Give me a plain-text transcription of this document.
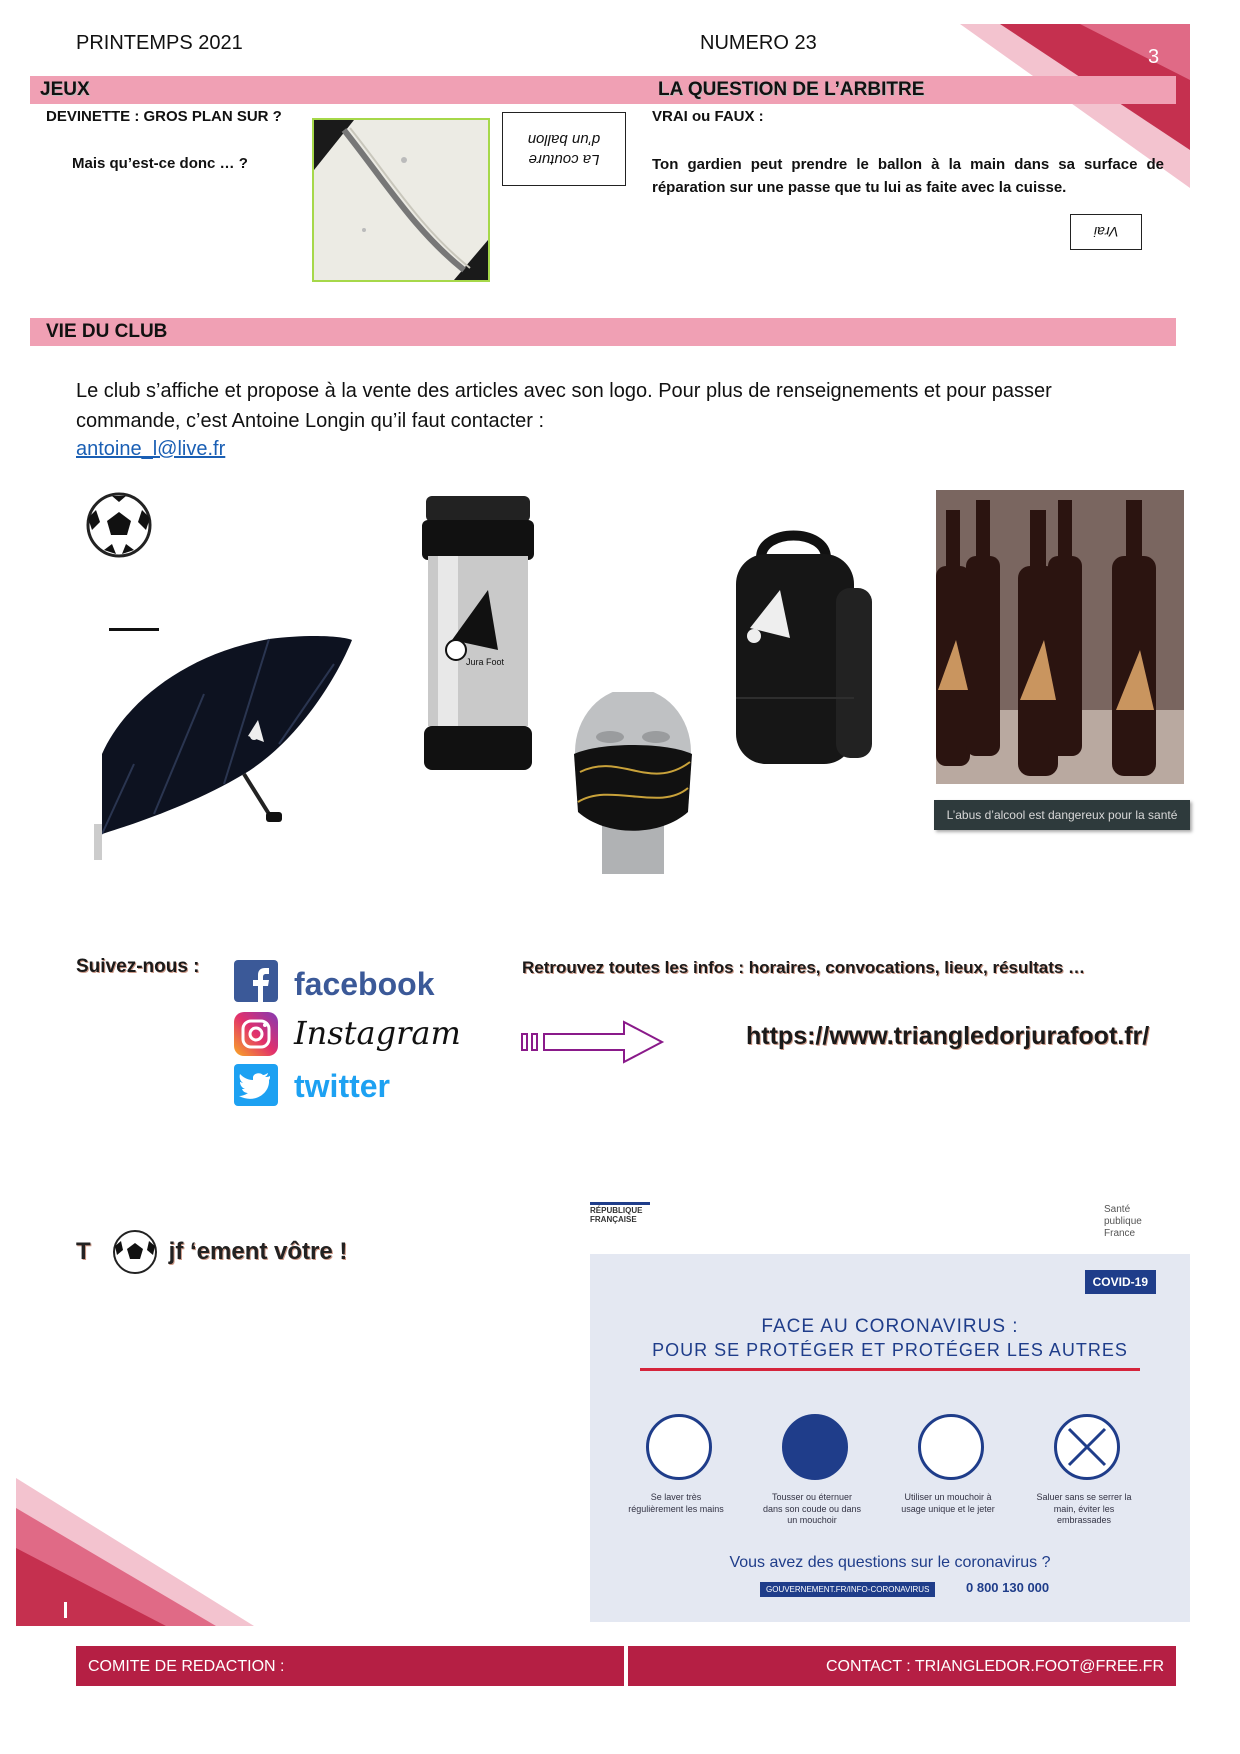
3
PRINTEMPS 2021	NUMERO 23
JEUX	LA QUESTION DE L’ARBITRE
DEVINETTE : GROS PLAN SUR ?
Mais qu’est-ce donc … ?	La couture d’un ballon
VRAI ou FAUX :
Ton gardien peut prendre le ballon à la main dans sa surface de réparation sur une passe que tu lui as faite avec la cuisse.
Vrai
VIE DU CLUB
Le club s’affiche et propose à la vente des articles avec son logo. Pour plus de renseignements et pour passer commande, c’est Antoine Longin qu’il faut contacter :
antoine_l@live.fr
Jura Foot
L’abus d’alcool est dangereux pour la santé
Suivez-nous :	facebook
Instagram
twitter
Retrouvez toutes les infos : horaires, convocations, lieux, résultats …
https://www.triangledorjurafoot.fr/
T	jf ‘ement vôtre !
RÉPUBLIQUE FRANÇAISE
Santé publique France
COVID-19
FACE AU CORONAVIRUS :
POUR SE PROTÉGER ET PROTÉGER LES AUTRES
Se laver très régulièrement les mains
Tousser ou éternuer dans son coude ou dans un mouchoir
Utiliser un mouchoir à usage unique et le jeter
Saluer sans se serrer la main, éviter les embrassades
Vous avez des questions sur le coronavirus ?
GOUVERNEMENT.FR/INFO-CORONAVIRUS	0 800 130 000
COMITE DE REDACTION :	CONTACT : TRIANGLEDOR.FOOT@FREE.FR
